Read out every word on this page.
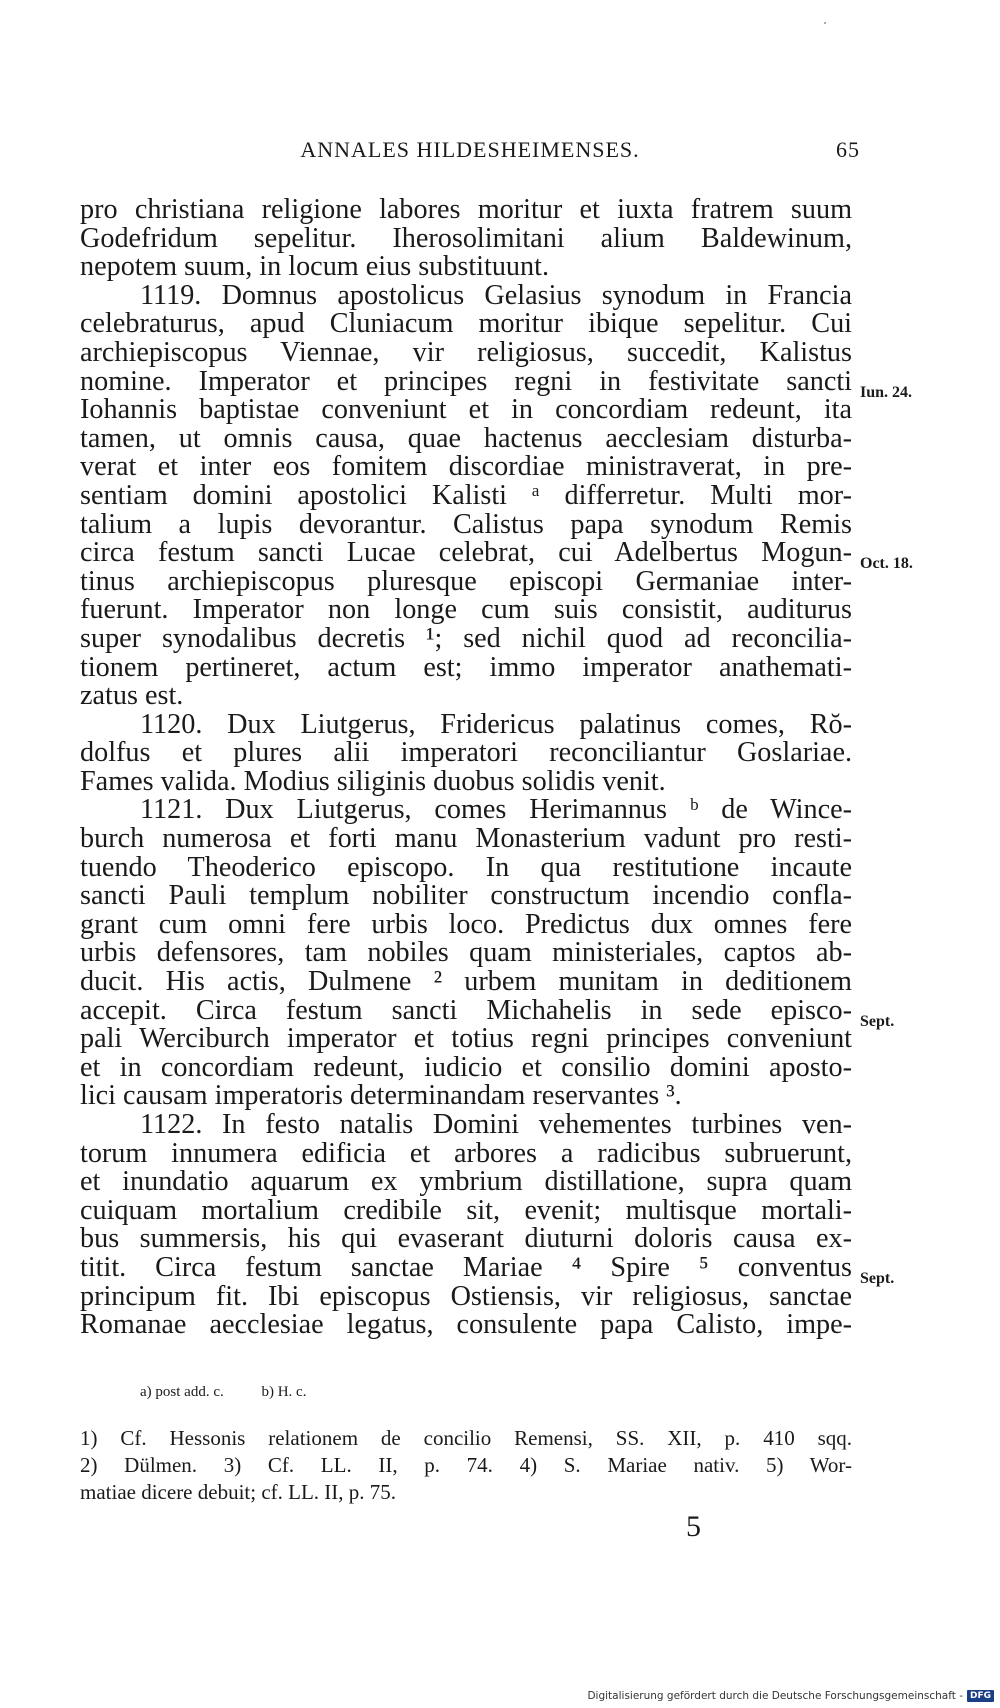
ANNALES HILDESHEIMENSES.	65
pro christiana religione labores moritur et iuxta fratrem suum
Godefridum sepelitur. Iherosolimitani alium Baldewinum,
nepotem suum, in locum eius substituunt.
1119. Domnus apostolicus Gelasius synodum in Francia
celebraturus, apud Cluniacum moritur ibique sepelitur. Cui
archiepiscopus Viennae, vir religiosus, succedit, Kalistus
nomine. Imperator et principes regni in festivitate sancti
Iohannis baptistae conveniunt et in concordiam redeunt, ita
tamen, ut omnis causa, quae hactenus aecclesiam disturba-
verat et inter eos fomitem discordiae ministraverat, in pre-
sentiam domini apostolici Kalisti ᵃ differretur. Multi mor-
talium a lupis devorantur. Calistus papa synodum Remis
circa festum sancti Lucae celebrat, cui Adelbertus Mogun-
tinus archiepiscopus pluresque episcopi Germaniae inter-
fuerunt. Imperator non longe cum suis consistit, auditurus
super synodalibus decretis ¹; sed nichil quod ad reconcilia-
tionem pertineret, actum est; immo imperator anathemati-
zatus est.
1120. Dux Liutgerus, Fridericus palatinus comes, Rŏ-
dolfus et plures alii imperatori reconciliantur Goslariae.
Fames valida. Modius siliginis duobus solidis venit.
1121. Dux Liutgerus, comes Herimannus ᵇ de Wince-
burch numerosa et forti manu Monasterium vadunt pro resti-
tuendo Theoderico episcopo. In qua restitutione incaute
sancti Pauli templum nobiliter constructum incendio confla-
grant cum omni fere urbis loco. Predictus dux omnes fere
urbis defensores, tam nobiles quam ministeriales, captos ab-
ducit. His actis, Dulmene ² urbem munitam in deditionem
accepit. Circa festum sancti Michahelis in sede episco-
pali Werciburch imperator et totius regni principes conveniunt
et in concordiam redeunt, iudicio et consilio domini aposto-
lici causam imperatoris determinandam reservantes ³.
1122. In festo natalis Domini vehementes turbines ven-
torum innumera edificia et arbores a radicibus subruerunt,
et inundatio aquarum ex ymbrium distillatione, supra quam
cuiquam mortalium credibile sit, evenit; multisque mortali-
bus summersis, his qui evaserant diuturni doloris causa ex-
titit. Circa festum sanctae Mariae ⁴ Spire ⁵ conventus
principum fit. Ibi episcopus Ostiensis, vir religiosus, sanctae
Romanae aecclesiae legatus, consulente papa Calisto, impe-
Iun. 24.
Oct. 18.
Sept.
Sept.
a) post add. c.	b) H. c.
1) Cf. Hessonis relationem de concilio Remensi, SS. XII, p. 410 sqq.
2) Dülmen. 3) Cf. LL. II, p. 74. 4) S. Mariae nativ. 5) Wor-
matiae dicere debuit; cf. LL. II, p. 75.
5
Digitalisierung gefördert durch die Deutsche Forschungsgemeinschaft - DFG
